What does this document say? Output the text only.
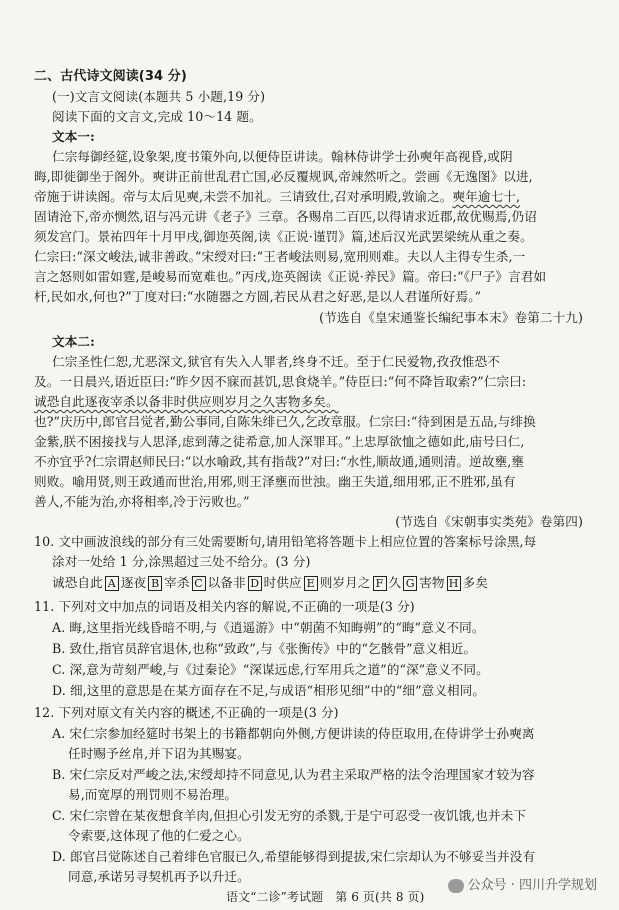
二、古代诗文阅读(34 分)
(一)文言文阅读(本题共 5 小题,19 分)
阅读下面的文言文,完成 10～14 题。
文本一:
仁宗每御经筵,设象架,度书策外向,以便侍臣讲读。翰林侍讲学士孙奭年高视昏,或阴
晦,即徙御坐于阁外。奭讲正前世乱君亡国,必反覆规讽,帝竦然听之。尝画《无逸图》以进,
帝施于讲读阁。帝与太后见奭,未尝不加礼。三请致仕,召对承明殿,敦谕之。奭年逾七十,
固请沧下,帝亦恻然,诏与冯元讲《老子》三章。各赐帛二百匹,以得请求近郡,故优赐焉,仍诏
须发宫门。景祐四年十月甲戌,御迩英阁,读《正说·谨罚》篇,述后汉光武罢梁统从重之奏。
仁宗曰:“深文峻法,诚非善政。”宋绶对曰:“王者峻法则易,宽刑则难。夫以人主得专生杀,一
言之怒则如雷如霆,是峻易而宽难也。”丙戌,迩英阁读《正说·养民》篇。帝曰:“《尸子》言君如
杆,民如水,何也?”丁度对曰:“水随器之方圆,若民从君之好恶,是以人君谨所好焉。”
(节选自《皇宋通鉴长编纪事本末》卷第二十九)
文本二:
仁宗圣性仁恕,尤恶深文,狱官有失入人罪者,终身不迁。至于仁民爱物,孜孜惟恐不
及。一日晨兴,语近臣曰:“昨夕因不寐而甚饥,思食烧羊。”侍臣曰:“何不降旨取索?”仁宗曰:
诚恐自此逐夜宰杀以备非时供应则岁月之久害物多矣。
也?”庆历中,郎官吕觉者,勤公事同,自陈朱绯已久,乞改章服。仁宗曰:“待到困是五品,与绯换
金紫,朕不困接找与人思泽,虑到薄之徒希意,加人深罪耳。”上忠厚欲恤之德如此,庙号曰仁,
不亦宜乎?仁宗谓赵师民曰:“以水喻政,其有指哉?”对曰:“水性,顺故通,通则清。逆故壅,壅
则败。喻用贤,则王政通而世治,用邪,则王泽壅而世浊。幽王失道,细用邪,正不胜邪,虽有
善人,不能为治,亦将相率,冷于污败也。”
(节选自《宋朝事实类苑》卷第四)
10. 文中画波浪线的部分有三处需要断句,请用铅笔将答题卡上相应位置的答案标号涂黑,每
涂对一处给 1 分,涂黑超过三处不给分。(3 分)
诚恐自此 A 逐夜 B 宰杀 C 以备非 D 时供应 E 则岁月之 F 久 G 害物 H 多矣
11. 下列对文中加点的词语及相关内容的解说,不正确的一项是(3 分)
A. 晦,这里指光线昏暗不明,与《逍遥游》中“朝菌不知晦朔”的“晦”意义不同。
B. 致仕,指官员辞官退休,也称“致政”,与《张衡传》中的“乞骸骨”意义相近。
C. 深,意为苛刻严峻,与《过秦论》“深谋远虑,行军用兵之道”的“深”意义不同。
D. 细,这里的意思是在某方面存在不足,与成语“相形见细”中的“细”意义相同。
12. 下列对原文有关内容的概述,不正确的一项是(3 分)
A. 宋仁宗参加经筵时书架上的书籍都朝向外侧,方便讲读的侍臣取用,在侍讲学士孙奭离
任时赐予丝帛,并下诏为其赐宴。
B. 宋仁宗反对严峻之法,宋绶却持不同意见,认为君主采取严格的法令治理国家才较为容
易,而宽厚的刑罚则不易治理。
C. 宋仁宗曾在某夜想食羊肉,但担心引发无穷的杀戮,于是宁可忍受一夜饥饿,也并未下
令索要,这体现了他的仁爱之心。
D. 郎官吕觉陈述自己着绯色官服已久,希望能够得到提拔,宋仁宗却认为不够妥当并没有
同意,承诺另寻契机再予以升迁。
语文“二诊”考试题　第 6 页(共 8 页)
公众号 · 四川升学规划
